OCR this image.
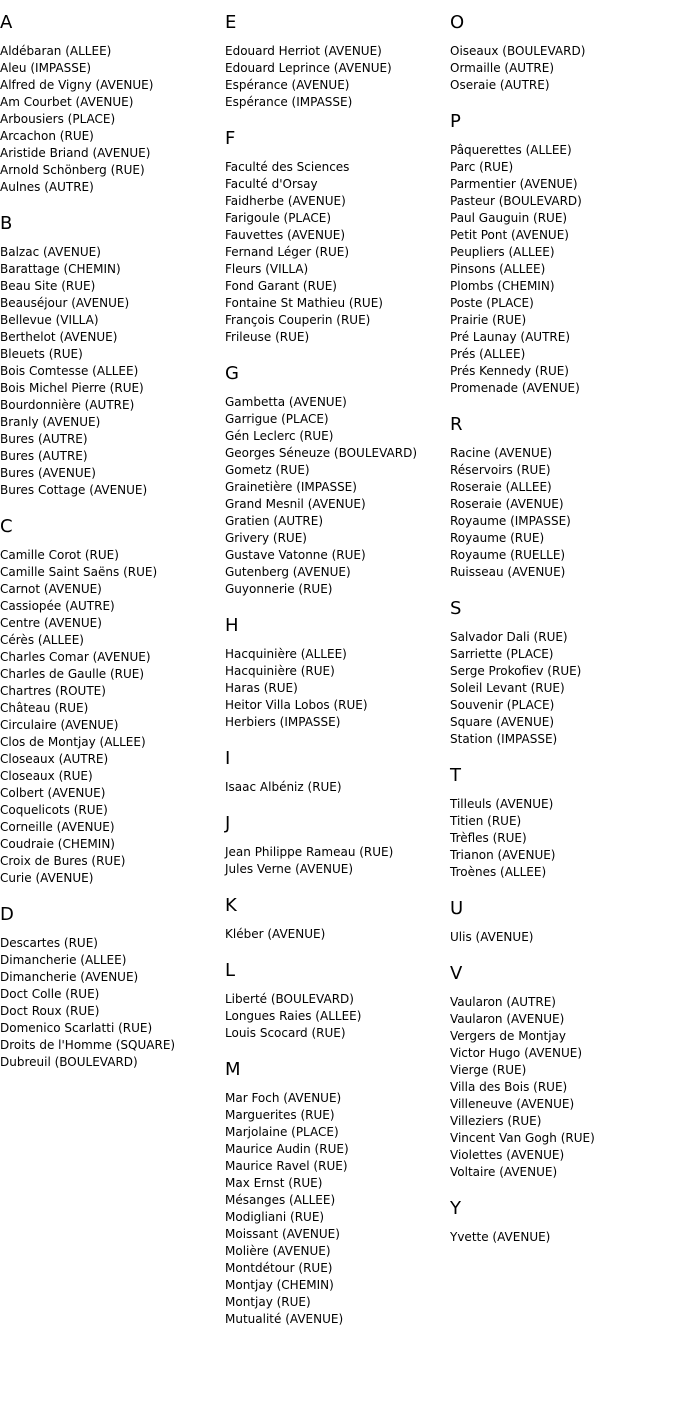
A
Aldébaran (ALLEE)
Aleu (IMPASSE)
Alfred de Vigny (AVENUE)
Am Courbet (AVENUE)
Arbousiers (PLACE)
Arcachon (RUE)
Aristide Briand (AVENUE)
Arnold Schönberg (RUE)
Aulnes (AUTRE)
B
Balzac (AVENUE)
Barattage (CHEMIN)
Beau Site (RUE)
Beauséjour (AVENUE)
Bellevue (VILLA)
Berthelot (AVENUE)
Bleuets (RUE)
Bois Comtesse (ALLEE)
Bois Michel Pierre (RUE)
Bourdonnière (AUTRE)
Branly (AVENUE)
Bures (AUTRE)
Bures (AUTRE)
Bures (AVENUE)
Bures Cottage (AVENUE)
C
Camille Corot (RUE)
Camille Saint Saëns (RUE)
Carnot (AVENUE)
Cassiopée (AUTRE)
Centre (AVENUE)
Cérès (ALLEE)
Charles Comar (AVENUE)
Charles de Gaulle (RUE)
Chartres (ROUTE)
Château (RUE)
Circulaire (AVENUE)
Clos de Montjay (ALLEE)
Closeaux (AUTRE)
Closeaux (RUE)
Colbert (AVENUE)
Coquelicots (RUE)
Corneille (AVENUE)
Coudraie (CHEMIN)
Croix de Bures (RUE)
Curie (AVENUE)
D
Descartes (RUE)
Dimancherie (ALLEE)
Dimancherie (AVENUE)
Doct Colle (RUE)
Doct Roux (RUE)
Domenico Scarlatti (RUE)
Droits de l'Homme (SQUARE)
Dubreuil (BOULEVARD)
E
Edouard Herriot (AVENUE)
Edouard Leprince (AVENUE)
Espérance (AVENUE)
Espérance (IMPASSE)
F
Faculté des Sciences
Faculté d'Orsay
Faidherbe (AVENUE)
Farigoule (PLACE)
Fauvettes (AVENUE)
Fernand Léger (RUE)
Fleurs (VILLA)
Fond Garant (RUE)
Fontaine St Mathieu (RUE)
François Couperin (RUE)
Frileuse (RUE)
G
Gambetta (AVENUE)
Garrigue (PLACE)
Gén Leclerc (RUE)
Georges Séneuze (BOULEVARD)
Gometz (RUE)
Grainetière (IMPASSE)
Grand Mesnil (AVENUE)
Gratien (AUTRE)
Grivery (RUE)
Gustave Vatonne (RUE)
Gutenberg (AVENUE)
Guyonnerie (RUE)
H
Hacquinière (ALLEE)
Hacquinière (RUE)
Haras (RUE)
Heitor Villa Lobos (RUE)
Herbiers (IMPASSE)
I
Isaac Albéniz (RUE)
J
Jean Philippe Rameau (RUE)
Jules Verne (AVENUE)
K
Kléber (AVENUE)
L
Liberté (BOULEVARD)
Longues Raies (ALLEE)
Louis Scocard (RUE)
M
Mar Foch (AVENUE)
Marguerites (RUE)
Marjolaine (PLACE)
Maurice Audin (RUE)
Maurice Ravel (RUE)
Max Ernst (RUE)
Mésanges (ALLEE)
Modigliani (RUE)
Moissant (AVENUE)
Molière (AVENUE)
Montdétour (RUE)
Montjay (CHEMIN)
Montjay (RUE)
Mutualité (AVENUE)
O
Oiseaux (BOULEVARD)
Ormaille (AUTRE)
Oseraie (AUTRE)
P
Pâquerettes (ALLEE)
Parc (RUE)
Parmentier (AVENUE)
Pasteur (BOULEVARD)
Paul Gauguin (RUE)
Petit Pont (AVENUE)
Peupliers (ALLEE)
Pinsons (ALLEE)
Plombs (CHEMIN)
Poste (PLACE)
Prairie (RUE)
Pré Launay (AUTRE)
Prés (ALLEE)
Prés Kennedy (RUE)
Promenade (AVENUE)
R
Racine (AVENUE)
Réservoirs (RUE)
Roseraie (ALLEE)
Roseraie (AVENUE)
Royaume (IMPASSE)
Royaume (RUE)
Royaume (RUELLE)
Ruisseau (AVENUE)
S
Salvador Dali (RUE)
Sarriette (PLACE)
Serge Prokofiev (RUE)
Soleil Levant (RUE)
Souvenir (PLACE)
Square (AVENUE)
Station (IMPASSE)
T
Tilleuls (AVENUE)
Titien (RUE)
Trèfles (RUE)
Trianon (AVENUE)
Troènes (ALLEE)
U
Ulis (AVENUE)
V
Vaularon (AUTRE)
Vaularon (AVENUE)
Vergers de Montjay
Victor Hugo (AVENUE)
Vierge (RUE)
Villa des Bois (RUE)
Villeneuve (AVENUE)
Villeziers (RUE)
Vincent Van Gogh (RUE)
Violettes (AVENUE)
Voltaire (AVENUE)
Y
Yvette (AVENUE)
